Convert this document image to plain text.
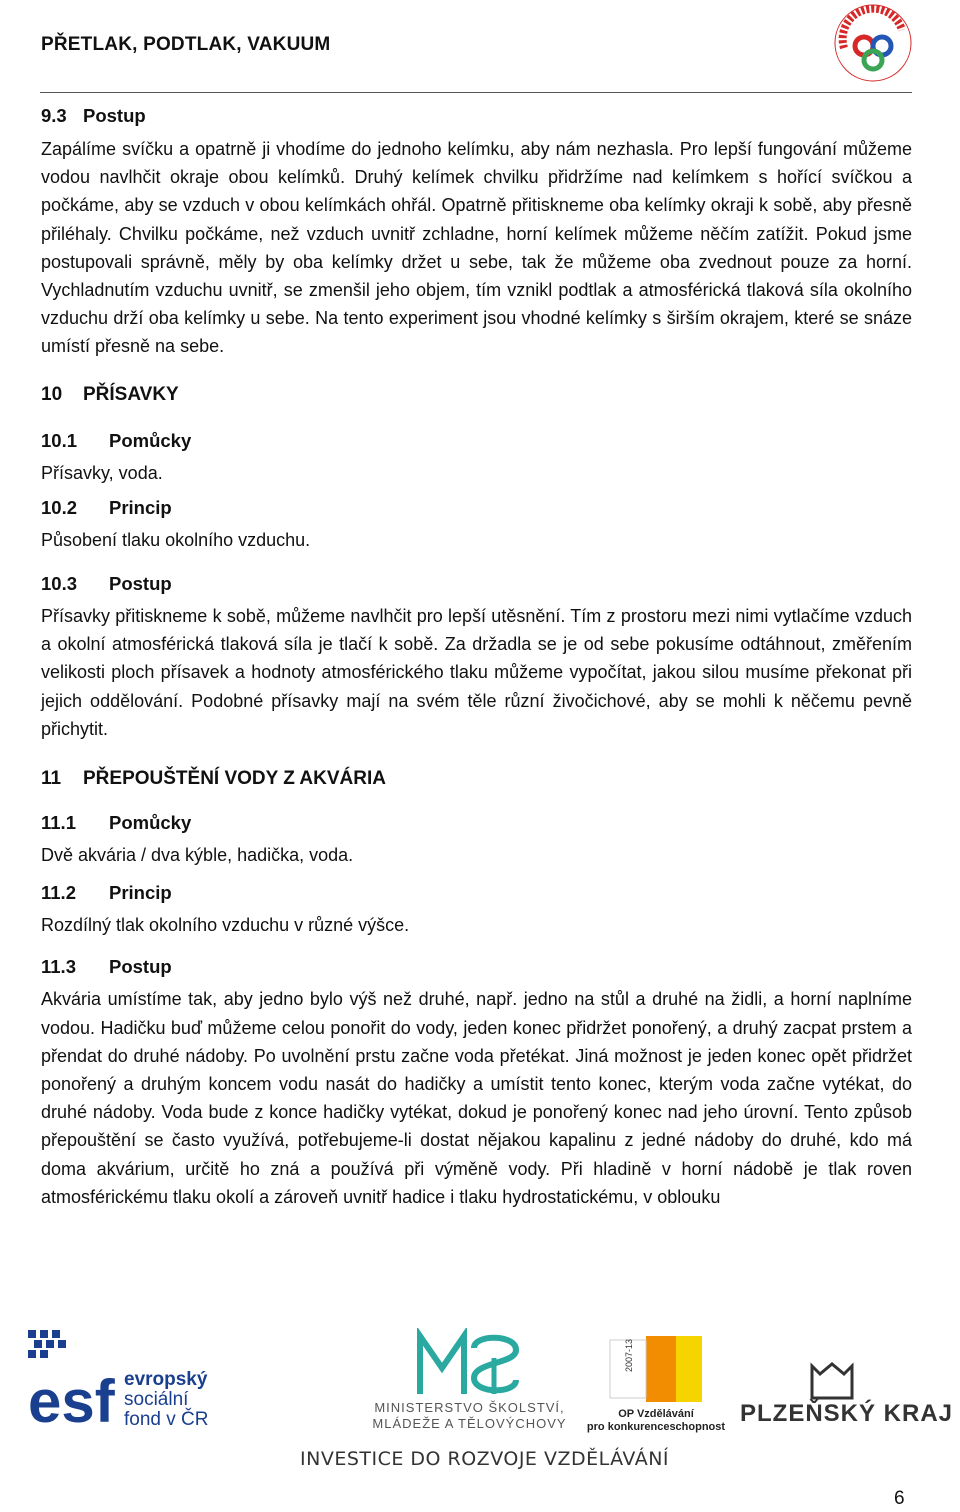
PŘETLAK, PODTLAK, VAKUUM
9.3 Postup

Zapálíme svíčku a opatrně ji vhodíme do jednoho kelímku, aby nám nezhasla. Pro lepší fungování můžeme vodou navlhčit okraje obou kelímků. Druhý kelímek chvilku přidržíme nad kelímkem s hořící svíčkou a počkáme, aby se vzduch v obou kelímkách ohřál. Opatrně přitiskneme oba kelímky okraji k sobě, aby přesně přiléhaly. Chvilku počkáme, než vzduch uvnitř zchladne, horní kelímek můžeme něčím zatížit. Pokud jsme postupovali správně, měly by oba kelímky držet u sebe, tak že můžeme oba zvednout pouze za horní. Vychladnutím vzduchu uvnitř, se zmenšil jeho objem, tím vznikl podtlak a atmosférická tlaková síla okolního vzduchu drží oba kelímky u sebe. Na tento experiment jsou vhodné kelímky s širším okrajem, které se snáze umístí přesně na sebe.

10 PŘÍSAVKY
10.1 Pomůcky

Přísavky, voda.

10.2 Princip

Působení tlaku okolního vzduchu.

10.3 Postup

Přísavky přitiskneme k sobě, můžeme navlhčit pro lepší utěsnění. Tím z prostoru mezi nimi vytlačíme vzduch a okolní atmosférická tlaková síla je tlačí k sobě. Za držadla se je od sebe pokusíme odtáhnout, změřením velikosti ploch přísavek a hodnoty atmosférického tlaku můžeme vypočítat, jakou silou musíme překonat při jejich oddělování. Podobné přísavky mají na svém těle různí živočichové, aby se mohli k něčemu pevně přichytit.

11 PŘEPOUŠTĚNÍ VODY Z AKVÁRIA
11.1 Pomůcky

Dvě akvária / dva kýble, hadička, voda.

11.2 Princip

Rozdílný tlak okolního vzduchu v různé výšce.

11.3 Postup

Akvária umístíme tak, aby jedno bylo výš než druhé, např. jedno na stůl a druhé na židli, a horní naplníme vodou. Hadičku buď můžeme celou ponořit do vody, jeden konec přidržet ponořený, a druhý zacpat prstem a přendat do druhé nádoby. Po uvolnění prstu začne voda přetékat. Jiná možnost je jeden konec opět přidržet ponořený a druhým koncem vodu nasát do hadičky a umístit tento konec, kterým voda začne vytékat, do druhé nádoby. Voda bude z konce hadičky vytékat, dokud je ponořený konec nad jeho úrovní. Tento způsob přepouštění se často využívá, potřebujeme-li dostat nějakou kapalinu z jedné nádoby do druhé, kdo má doma akvárium, určitě ho zná a používá při výměně vody. Při hladině v horní nádobě je tlak roven atmosférickému tlaku okolí a zároveň uvnitř hadice i tlaku hydrostatickému, v oblouku

esf evropský
sociální
fond v ČR
MINISTERSTVO ŠKOLSTVÍ,
MLÁDEŽE A TĚLOVÝCHOVY
2007-13
OP Vzdělávání
pro konkurenceschopnost PLZEŇSKÝ KRAJ
INVESTICE DO ROZVOJE VZDĚLÁVÁNÍ
6
